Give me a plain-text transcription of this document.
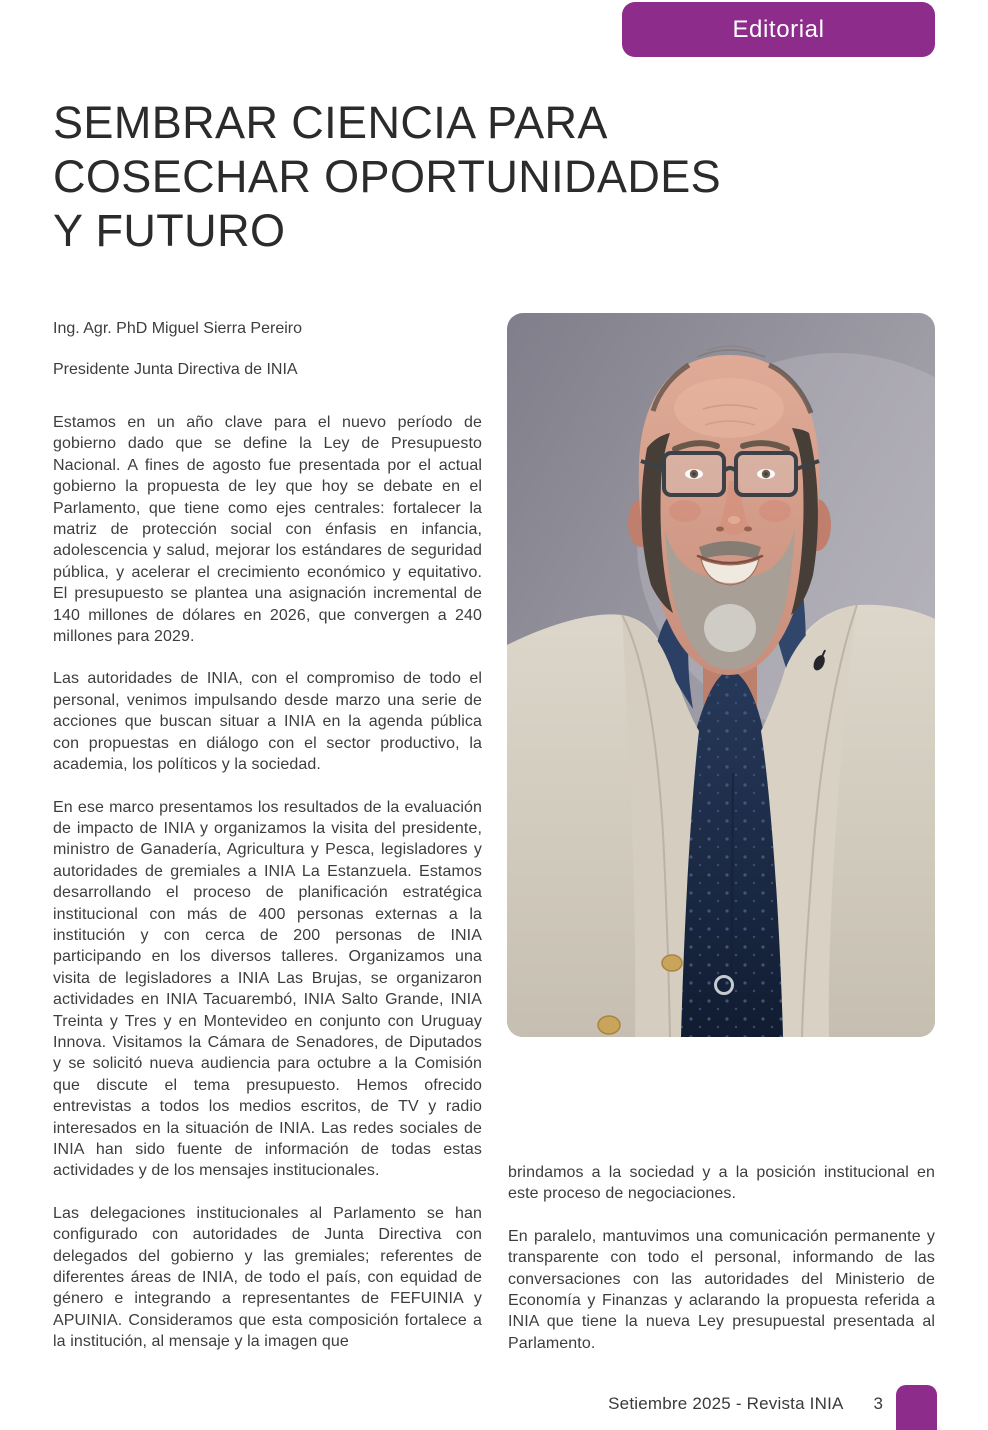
Editorial
SEMBRAR CIENCIA PARA
COSECHAR OPORTUNIDADES
Y FUTURO

Ing. Agr. PhD Miguel Sierra Pereiro

Presidente Junta Directiva de INIA

Estamos en un año clave para el nuevo período de gobierno dado que se define la Ley de Presupuesto Nacional. A fines de agosto fue presentada por el actual gobierno la propuesta de ley que hoy se debate en el Parlamento, que tiene como ejes centrales: fortalecer la matriz de protección social con énfasis en infancia, adolescencia y salud, mejorar los estándares de seguridad pública, y acelerar el crecimiento económico y equitativo. El presupuesto se plantea una asignación incremental de 140 millones de dólares en 2026, que convergen a 240 millones para 2029.

Las autoridades de INIA, con el compromiso de todo el personal, venimos impulsando desde marzo una serie de acciones que buscan situar a INIA en la agenda pública con propuestas en diálogo con el sector productivo, la academia, los políticos y la sociedad.

En ese marco presentamos los resultados de la evaluación de impacto de INIA y organizamos la visita del presidente, ministro de Ganadería, Agricultura y Pesca, legisladores y autoridades de gremiales a INIA La Estanzuela. Estamos desarrollando el proceso de planificación estratégica institucional con más de 400 personas externas a la institución y con cerca de 200 personas de INIA participando en los diversos talleres. Organizamos una visita de legisladores a INIA Las Brujas, se organizaron actividades en INIA Tacuarembó, INIA Salto Grande, INIA Treinta y Tres y en Montevideo en conjunto con Uruguay Innova. Visitamos la Cámara de Senadores, de Diputados y se solicitó nueva audiencia para octubre a la Comisión que discute el tema presupuesto. Hemos ofrecido entrevistas a todos los medios escritos, de TV y radio interesados en la situación de INIA. Las redes sociales de INIA han sido fuente de información de todas estas actividades y de los mensajes institucionales.

Las delegaciones institucionales al Parlamento se han configurado con autoridades de Junta Directiva con delegados del gobierno y las gremiales; referentes de diferentes áreas de INIA, de todo el país, con equidad de género e integrando a representantes de FEFUINIA y APUINIA. Consideramos que esta composición fortalece a la institución, al mensaje y la imagen que

brindamos a la sociedad y a la posición institucional en este proceso de negociaciones.

En paralelo, mantuvimos una comunicación permanente y transparente con todo el personal, informando de las conversaciones con las autoridades del Ministerio de Economía y Finanzas y aclarando la propuesta referida a INIA que tiene la nueva Ley presupuestal presentada al Parlamento.

Setiembre 2025 - Revista INIA 3
